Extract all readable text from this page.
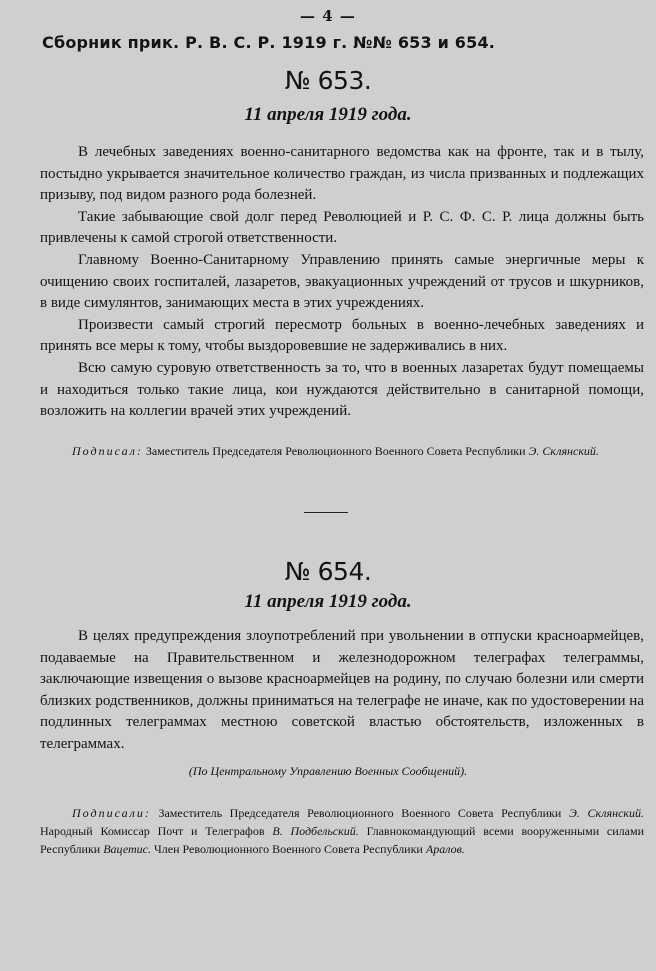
— 4 —
Сборник прик. Р. В. С. Р. 1919 г. №№ 653 и 654.
№ 653.
11 апреля 1919 года.

В лечебных заведениях военно-санитарного ведомства как на фронте, так и в тылу, постыдно укрывается значительное количество граждан, из числа призванных и подлежащих призыву, под видом разного рода болезней.

Такие забывающие свой долг перед Революцией и Р. С. Ф. С. Р. лица должны быть привлечены к самой строгой ответственности.

Главному Военно-Санитарному Управлению принять самые энергичные меры к очищению своих госпиталей, лазаретов, эвакуационных учреждений от трусов и шкурников, в виде симулянтов, занимающих места в этих учреждениях.

Произвести самый строгий пересмотр больных в военно-лечебных заведениях и принять все меры к тому, чтобы выздоровевшие не задерживались в них.

Всю самую суровую ответственность за то, что в военных лазаретах будут помещаемы и находиться только такие лица, кои нуждаются действительно в санитарной помощи, возложить на коллегии врачей этих учреждений.

Подписал: Заместитель Председателя Революционного Военного Совета Республики Э. Склянский.
№ 654.
11 апреля 1919 года.

В целях предупреждения злоупотреблений при увольнении в отпуски красноармейцев, подаваемые на Правительственном и железнодорожном телеграфах телеграммы, заключающие извещения о вызове красноармейцев на родину, по случаю болезни или смерти близких родственников, должны приниматься на телеграфе не иначе, как по удостоверении на подлинных телеграммах местною советской властью обстоятельств, изложенных в телеграммах.

(По Центральному Управлению Военных Сообщений).
Подписали: Заместитель Председателя Революционного Военного Совета Республики Э. Склянский. Народный Комиссар Почт и Телеграфов В. Подбельский. Главнокомандующий всеми вооруженными силами Республики Вацетис. Член Революционного Военного Совета Республики Аралов.
